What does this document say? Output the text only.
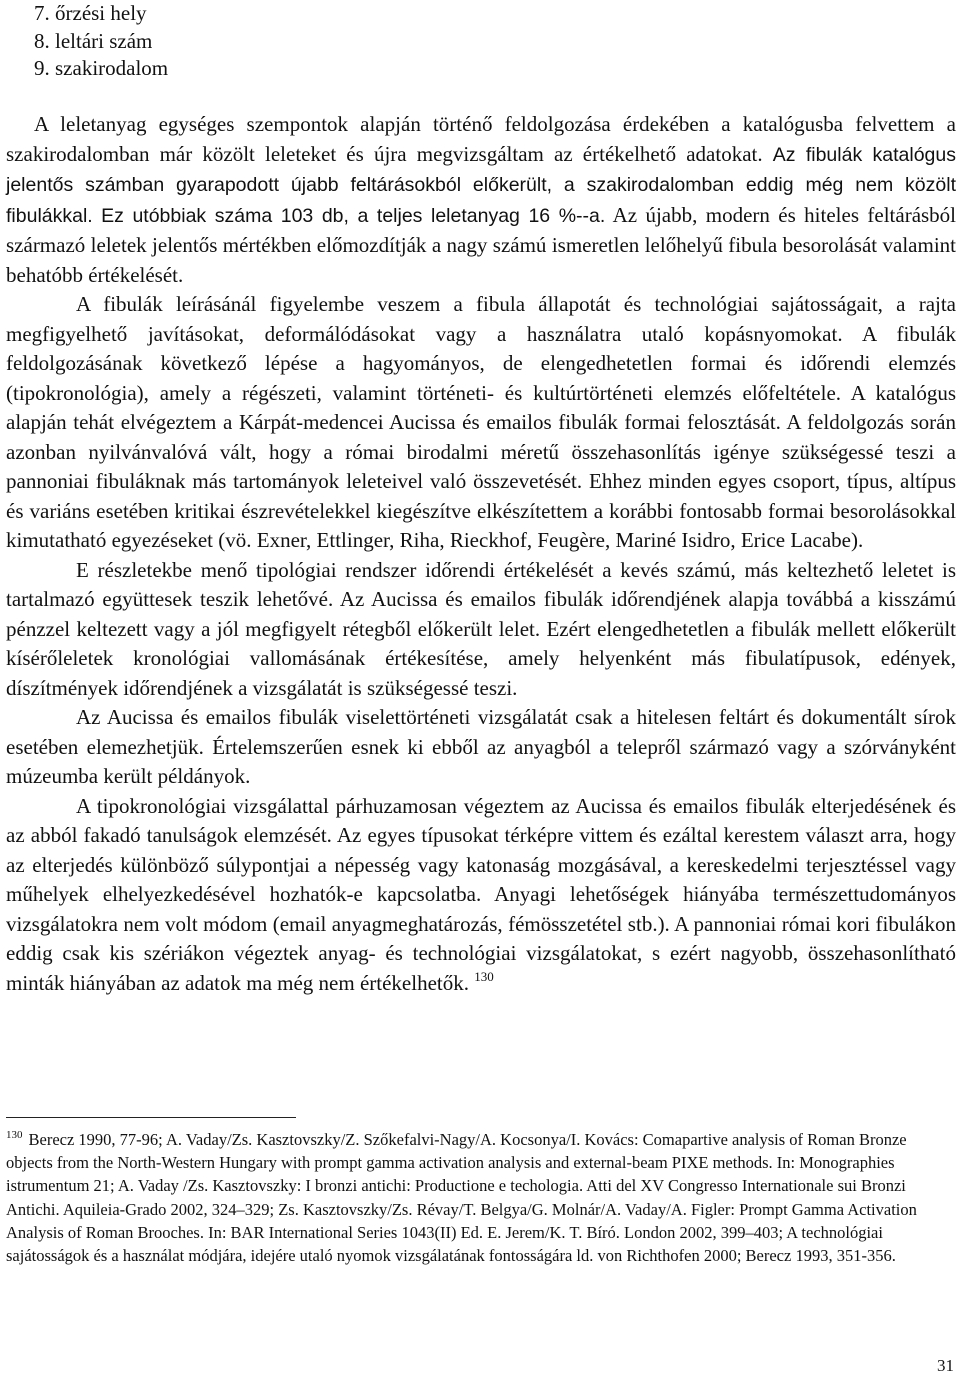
7. őrzési hely
8. leltári szám
9. szakirodalom

A leletanyag egységes szempontok alapján történő feldolgozása érdekében a katalógusba felvettem a szakirodalomban már közölt leleteket és újra megvizsgáltam az értékelhető adatokat. Az fibulák katalógus jelentős számban gyarapodott újabb feltárásokból előkerült, a szakirodalomban eddig még nem közölt fibulákkal. Ez utóbbiak száma 103 db, a teljes leletanyag 16 %--a. Az újabb, modern és hiteles feltárásból származó leletek jelentős mértékben előmozdítják a nagy számú ismeretlen lelőhelyű fibula besorolását valamint behatóbb értékelését.

A fibulák leírásánál figyelembe veszem a fibula állapotát és technológiai sajátosságait, a rajta megfigyelhető javításokat, deformálódásokat vagy a használatra utaló kopásnyomokat. A fibulák feldolgozásának következő lépése a hagyományos, de elengedhetetlen formai és időrendi elemzés (tipokronológia), amely a régészeti, valamint történeti- és kultúrtörténeti elemzés előfeltétele. A katalógus alapján tehát elvégeztem a Kárpát-medencei Aucissa és emailos fibulák formai felosztását. A feldolgozás során azonban nyilvánvalóvá vált, hogy a római birodalmi méretű összehasonlítás igénye szükségessé teszi a pannoniai fibuláknak más tartományok leleteivel való összevetését. Ehhez minden egyes csoport, típus, altípus és variáns esetében kritikai észrevételekkel kiegészítve elkészítettem a korábbi fontosabb formai besorolásokkal kimutatható egyezéseket (vö. Exner, Ettlinger, Riha, Rieckhof, Feugère, Mariné Isidro, Erice Lacabe).

E részletekbe menő tipológiai rendszer időrendi értékelését a kevés számú, más keltezhető leletet is tartalmazó együttesek teszik lehetővé. Az Aucissa és emailos fibulák időrendjének alapja továbbá a kisszámú pénzzel keltezett vagy a jól megfigyelt rétegből előkerült lelet. Ezért elengedhetetlen a fibulák mellett előkerült kísérőleletek kronológiai vallomásának értékesítése, amely helyenként más fibulatípusok, edények, díszítmények időrendjének a vizsgálatát is szükségessé teszi.

Az Aucissa és emailos fibulák viselettörténeti vizsgálatát csak a hitelesen feltárt és dokumentált sírok esetében elemezhetjük. Értelemszerűen esnek ki ebből az anyagból a telepről származó vagy a szórványként múzeumba került példányok.

A tipokronológiai vizsgálattal párhuzamosan végeztem az Aucissa és emailos fibulák elterjedésének és az abból fakadó tanulságok elemzését. Az egyes típusokat térképre vittem és ezáltal kerestem választ arra, hogy az elterjedés különböző súlypontjai a népesség vagy katonaság mozgásával, a kereskedelmi terjesztéssel vagy műhelyek elhelyezkedésével hozhatók-e kapcsolatba. Anyagi lehetőségek hiányába természettudományos vizsgálatokra nem volt módom (email anyagmeghatározás, fémösszetétel stb.). A pannoniai római kori fibulákon eddig csak kis szériákon végeztek anyag- és technológiai vizsgálatokat, s ezért nagyobb, összehasonlítható minták hiányában az adatok ma még nem értékelhetők. $^{130}$

$^{130}$ Berecz 1990, 77-96; A. Vaday/Zs. Kasztovszky/Z. Szőkefalvi-Nagy/A. Kocsonya/I. Kovács: Comapartive analysis of Roman Bronze objects from the North-Western Hungary with prompt gamma activation analysis and external-beam PIXE methods. In: Monographies istrumentum 21; A. Vaday /Zs. Kasztovszky: I bronzi antichi: Productione e techologia. Atti del XV Congresso Internationale sui Bronzi Antichi. Aquileia-Grado 2002, 324–329; Zs. Kasztovszky/Zs. Révay/T. Belgya/G. Molnár/A. Vaday/A. Figler: Prompt Gamma Activation Analysis of Roman Brooches. In: BAR International Series 1043(II) Ed. E. Jerem/K. T. Bíró. London 2002, 399–403; A technológiai sajátosságok és a használat módjára, idejére utaló nyomok vizsgálatának fontosságára ld. von Richthofen 2000; Berecz 1993, 351-356.
31
